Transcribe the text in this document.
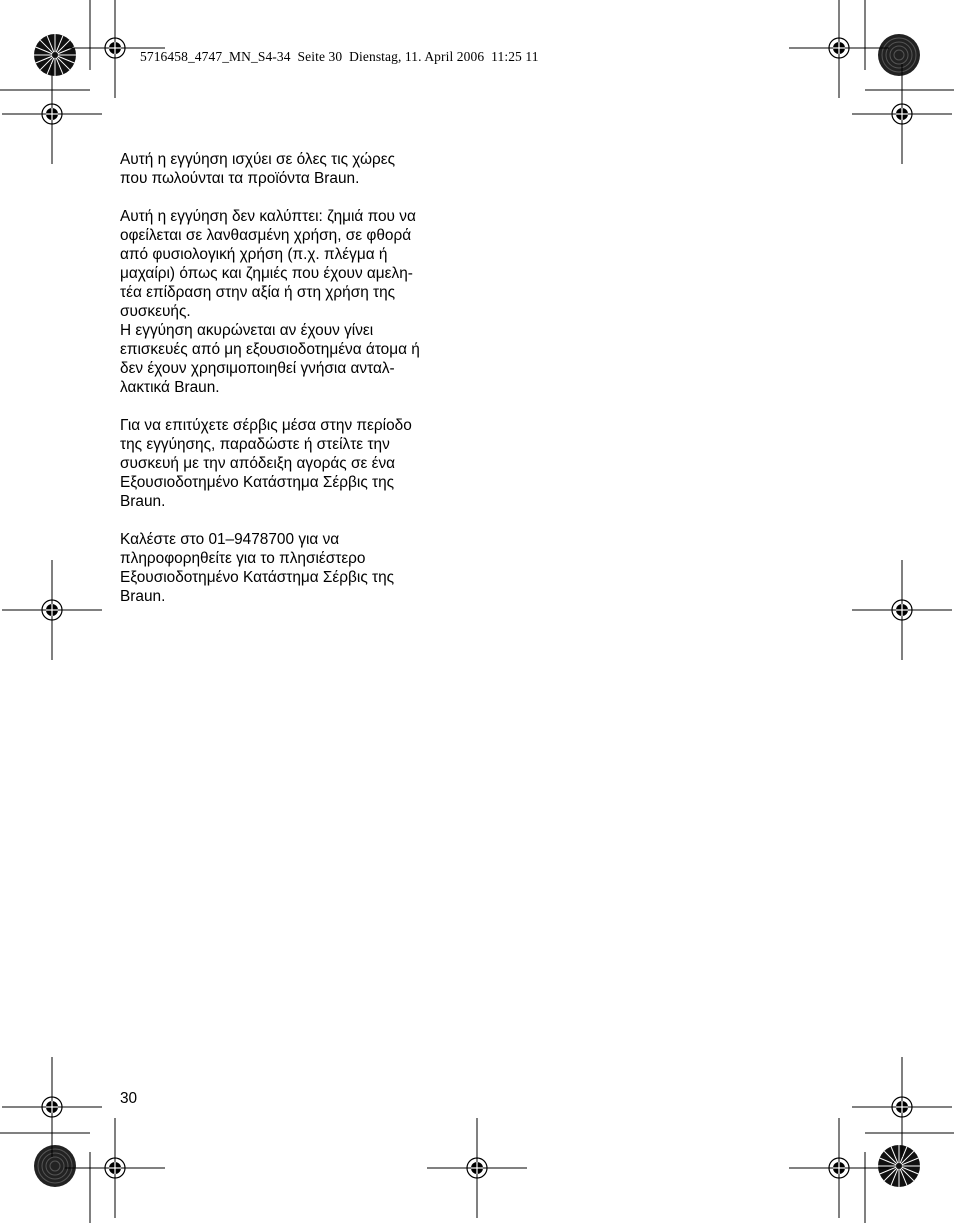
5716458_4747_MN_S4-34  Seite 30  Dienstag, 11. April 2006  11:25 11

Αυτή η εγγύηση ισχύει σε όλες τις χώρες
που πωλούνται τα προϊόντα Braun.

Αυτή η εγγύηση δεν καλύπτει: ζημιά που να
οφείλεται σε λανθασμένη χρήση, σε φθορά
από φυσιολογική χρήση (π.χ. πλέγμα ή
μαχαίρι) όπως και ζημιές που έχουν αμελη-
τέα επίδραση στην αξία ή στη χρήση της
συσκευής.
Η εγγύηση ακυρώνεται αν έχουν γίνει
επισκευές από μη εξουσιοδοτημένα άτομα ή
δεν έχουν χρησιμοποιηθεί γνήσια ανταλ-
λακτικά Braun.

Για να επιτύχετε σέρβις μέσα στην περίοδο
της εγγύησης, παραδώστε ή στείλτε την
συσκευή με την απόδειξη αγοράς σε ένα
Εξουσιοδοτημένο Κατάστημα Σέρβις της
Braun.

Καλέστε στο 01–9478700 για να
πληροφορηθείτε για το πλησιέστερο
Εξουσιοδοτημένο Κατάστημα Σέρβις της
Braun.

30
